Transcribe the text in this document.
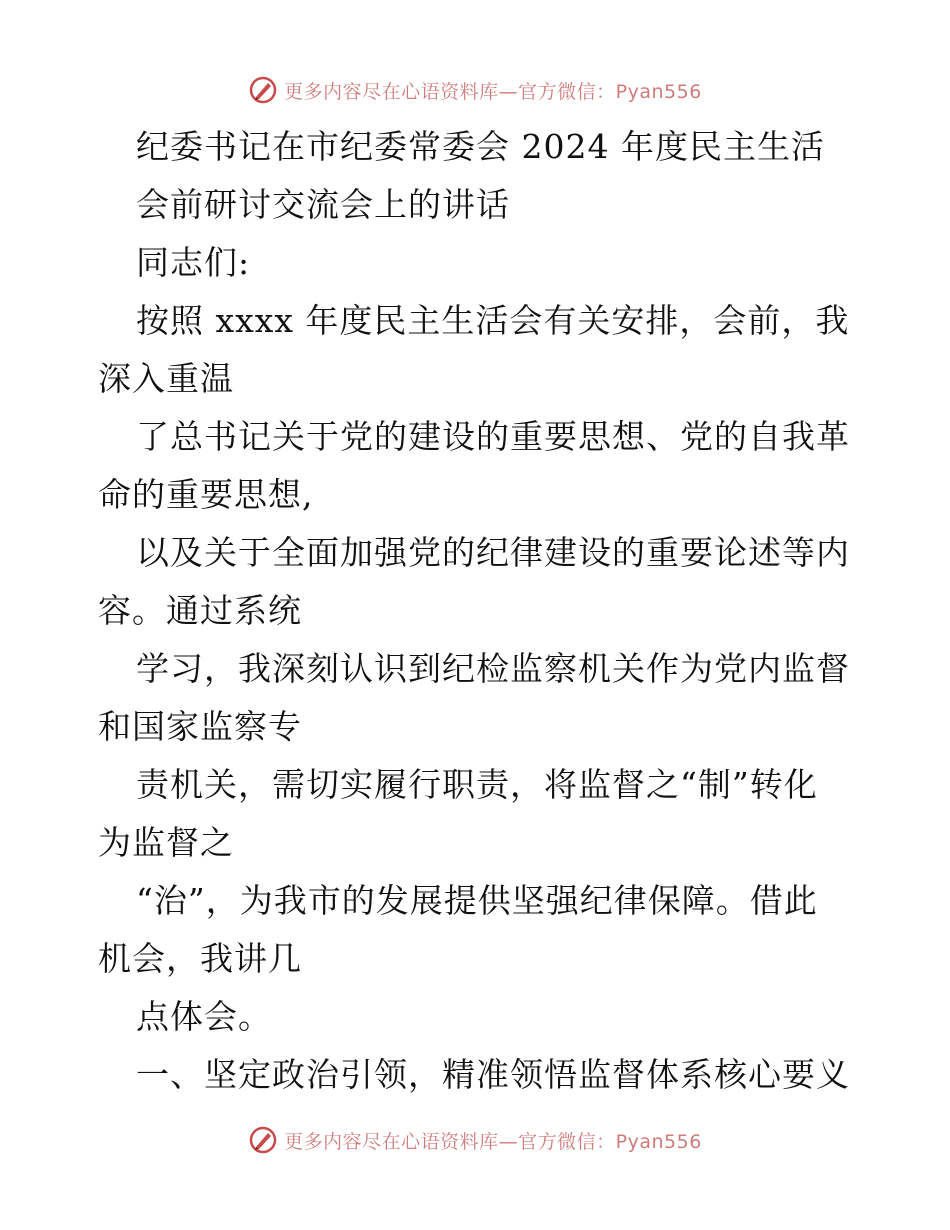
更多内容尽在心语资料库—官方微信：Pyan556
纪委书记在市纪委常委会 2024 年度民主生活
会前研讨交流会上的讲话
同志们:
按照 xxxx 年度民主生活会有关安排，会前，我
深入重温
了总书记关于党的建设的重要思想、党的自我革
命的重要思想,
以及关于全面加强党的纪律建设的重要论述等内
容。通过系统
学习，我深刻认识到纪检监察机关作为党内监督
和国家监察专
责机关，需切实履行职责，将监督之“制”转化
为监督之
“治”，为我市的发展提供坚强纪律保障。借此
机会，我讲几
点体会。
一、坚定政治引领，精准领悟监督体系核心要义
更多内容尽在心语资料库—官方微信：Pyan556
